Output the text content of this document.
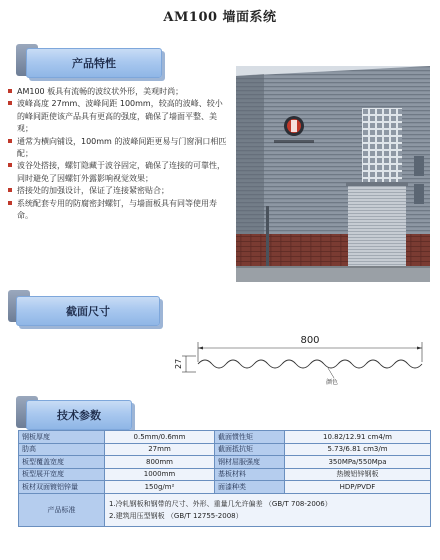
AM100 墙面系统
产品特性

AM100 板具有流畅的波纹状外形，美观时尚；

波峰高度 27mm、波峰间距 100mm，较高的波峰、较小的峰间距使该产品具有更高的强度，确保了墙面平整、美观；

通常为横向铺设，100mm 的波峰间距更易与门窗洞口相匹配；

波谷处搭接，螺钉隐藏于波谷固定，确保了连接的可靠性，同时避免了因螺钉外露影响视觉效果；

搭接处的加强设计，保证了连接紧密贴合；

系统配套专用的防腐密封螺钉，与墙面板具有同等使用寿命。

截面尺寸
800
27
颜色
技术参数
钢板厚度	0.5mm/0.6mm	截面惯性矩	10.82/12.91 cm4/m
肋高	27mm	截面抵抗矩	5.73/6.81 cm3/m
板型覆盖宽度	800mm	钢材屈服强度	350MPa/550Mpa
板型展开宽度	1000mm	基板材料	热镀铝锌钢板
板材双面镀铝锌量	150g/m²	面漆种类	HDP/PVDF
产品标准	1.冷轧钢板和钢带的尺寸、外形、重量几允许偏差 （GB/T 708-2006）
2.建筑用压型钢板 （GB/T 12755-2008）		
